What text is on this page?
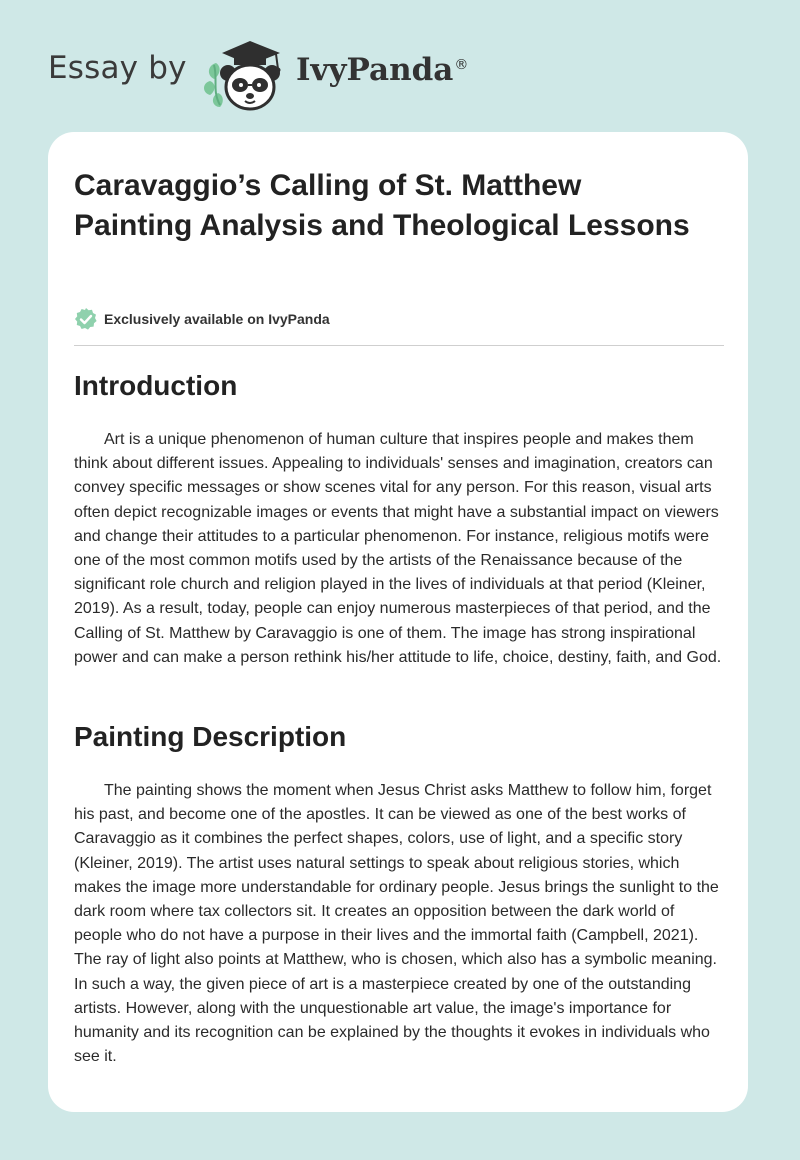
Essay by	IvyPanda®
Caravaggio’s Calling of St. Matthew Painting Analysis and Theological Lessons
Exclusively available on IvyPanda
Introduction

Art is a unique phenomenon of human culture that inspires people and makes them think about different issues. Appealing to individuals' senses and imagination, creators can convey specific messages or show scenes vital for any person. For this reason, visual arts often depict recognizable images or events that might have a substantial impact on viewers and change their attitudes to a particular phenomenon. For instance, religious motifs were one of the most common motifs used by the artists of the Renaissance because of the significant role church and religion played in the lives of individuals at that period (Kleiner, 2019). As a result, today, people can enjoy numerous masterpieces of that period, and the Calling of St. Matthew by Caravaggio is one of them. The image has strong inspirational power and can make a person rethink his/her attitude to life, choice, destiny, faith, and God.

Painting Description

The painting shows the moment when Jesus Christ asks Matthew to follow him, forget his past, and become one of the apostles. It can be viewed as one of the best works of Caravaggio as it combines the perfect shapes, colors, use of light, and a specific story (Kleiner, 2019). The artist uses natural settings to speak about religious stories, which makes the image more understandable for ordinary people. Jesus brings the sunlight to the dark room where tax collectors sit. It creates an opposition between the dark world of people who do not have a purpose in their lives and the immortal faith (Campbell, 2021). The ray of light also points at Matthew, who is chosen, which also has a symbolic meaning. In such a way, the given piece of art is a masterpiece created by one of the outstanding artists. However, along with the unquestionable art value, the image's importance for humanity and its recognition can be explained by the thoughts it evokes in individuals who see it.
